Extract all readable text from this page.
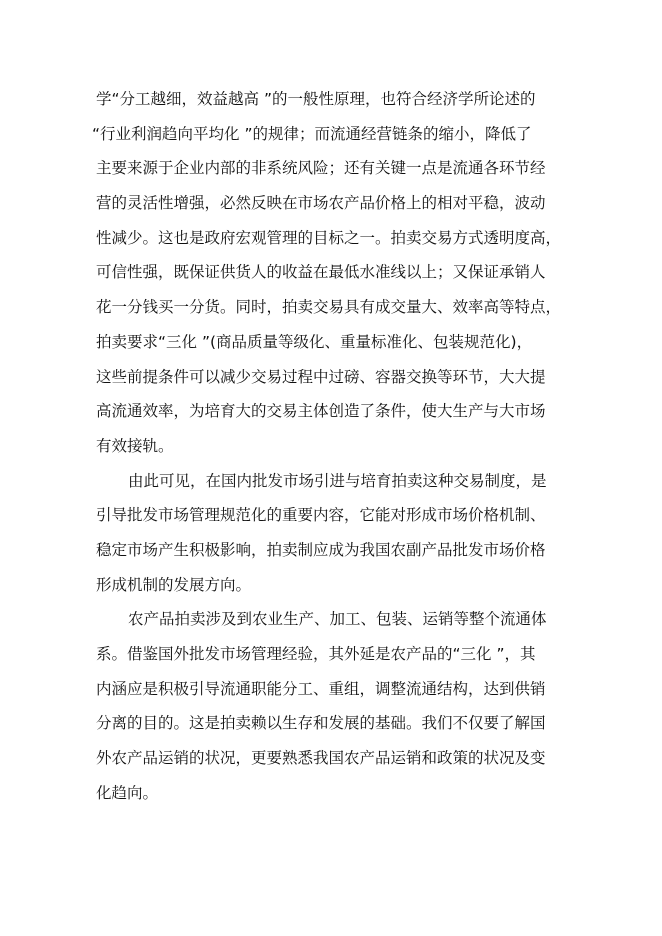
学“分工越细，效益越高 ”的一般性原理，也符合经济学所论述的
“行业利润趋向平均化 ”的规律；而流通经营链条的缩小，降低了
主要来源于企业内部的非系统风险；还有关键一点是流通各环节经
营的灵活性增强，必然反映在市场农产品价格上的相对平稳，波动
性减少。这也是政府宏观管理的目标之一。拍卖交易方式透明度高，
可信性强，既保证供货人的收益在最低水准线以上；又保证承销人
花一分钱买一分货。同时，拍卖交易具有成交量大、效率高等特点，
拍卖要求“三化 ”(商品质量等级化、重量标准化、包装规范化)，
这些前提条件可以减少交易过程中过磅、容器交换等环节，大大提
高流通效率，为培育大的交易主体创造了条件，使大生产与大市场
有效接轨。
由此可见，在国内批发市场引进与培育拍卖这种交易制度，是
引导批发市场管理规范化的重要内容，它能对形成市场价格机制、
稳定市场产生积极影响，拍卖制应成为我国农副产品批发市场价格
形成机制的发展方向。
农产品拍卖涉及到农业生产、加工、包装、运销等整个流通体
系。借鉴国外批发市场管理经验，其外延是农产品的“三化 ”，其
内涵应是积极引导流通职能分工、重组，调整流通结构，达到供销
分离的目的。这是拍卖赖以生存和发展的基础。我们不仅要了解国
外农产品运销的状况，更要熟悉我国农产品运销和政策的状况及变
化趋向。
